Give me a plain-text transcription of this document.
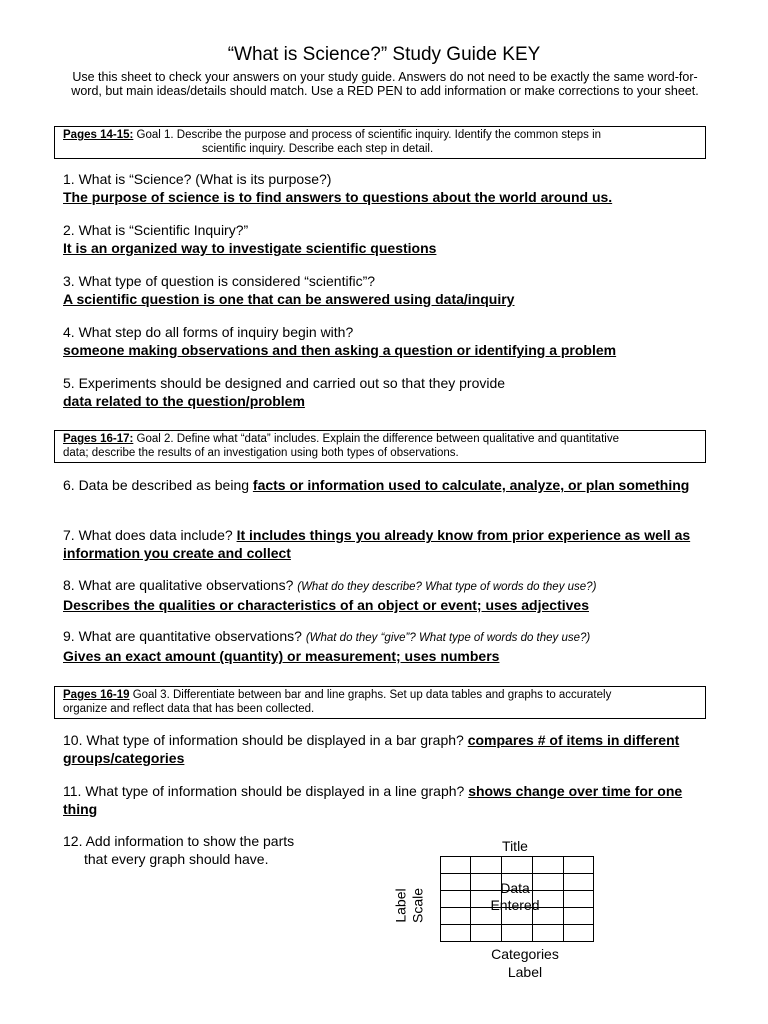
“What is Science?” Study Guide KEY
Use this sheet to check your answers on your study guide. Answers do not need to be exactly the same word-for-word, but main ideas/details should match. Use a RED PEN to add information or make corrections to your sheet.
Pages 14-15: Goal 1. Describe the purpose and process of scientific inquiry. Identify the common steps in
scientific inquiry. Describe each step in detail.
1. What is “Science? (What is its purpose?)
The purpose of science is to find answers to questions about the world around us.
2. What is “Scientific Inquiry?”
It is an organized way to investigate scientific questions
3. What type of question is considered “scientific”?
A scientific question is one that can be answered using data/inquiry
4. What step do all forms of inquiry begin with?
someone making observations and then asking a question or identifying a problem
5. Experiments should be designed and carried out so that they provide
data related to the question/problem
Pages 16-17: Goal 2. Define what “data” includes. Explain the difference between qualitative and quantitative
data; describe the results of an investigation using both types of observations.
6. Data be described as being facts or information used to calculate, analyze, or plan something
7. What does data include? It includes things you already know from prior experience as well as information you create and collect
8. What are qualitative observations? (What do they describe? What type of words do they use?)
Describes the qualities or characteristics of an object or event; uses adjectives
9. What are quantitative observations? (What do they “give”? What type of words do they use?)
Gives an exact amount (quantity) or measurement; uses numbers
Pages 16-19 Goal 3. Differentiate between bar and line graphs. Set up data tables and graphs to accurately
organize and reflect data that has been collected.
10. What type of information should be displayed in a bar graph? compares # of items in different groups/categories
11. What type of information should be displayed in a line graph? shows change over time for one thing
12. Add information to show the parts
that every graph should have.
Title
Data
Entered
Label Scale
Categories
Label
